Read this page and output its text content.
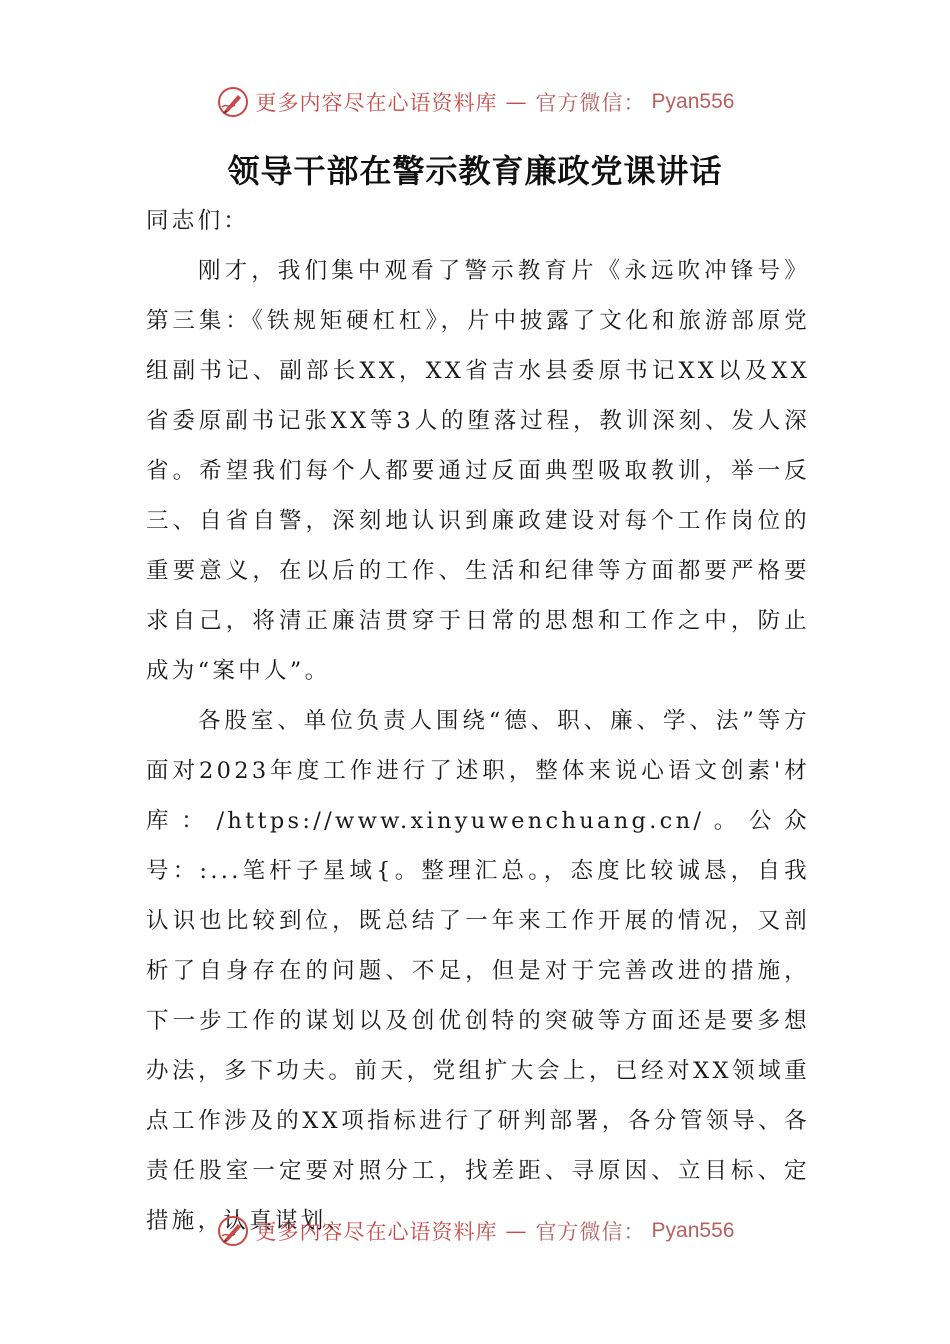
更多内容尽在心语资料库 — 官方微信： Pyan556
领导干部在警示教育廉政党课讲话

同志们：

刚才，我们集中观看了警示教育片《永远吹冲锋号》第三集：《铁规矩硬杠杠》，片中披露了文化和旅游部原党组副书记、副部长XX，XX省吉水县委原书记XX以及XX省委原副书记张XX等3人的堕落过程，教训深刻、发人深省。希望我们每个人都要通过反面典型吸取教训，举一反三、自省自警，深刻地认识到廉政建设对每个工作岗位的重要意义，在以后的工作、生活和纪律等方面都要严格要求自己，将清正廉洁贯穿于日常的思想和工作之中，防止成为“案中人”。

各股室、单位负责人围绕“德、职、廉、学、法”等方面对2023年度工作进行了述职，整体来说心语文创素'材库：/https://www.xinyuwenchuang.cn/。公众号：:...笔杆子星域{。整理汇总。，态度比较诚恳，自我认识也比较到位，既总结了一年来工作开展的情况，又剖析了自身存在的问题、不足，但是对于完善改进的措施，下一步工作的谋划以及创优创特的突破等方面还是要多想办法，多下功夫。前天，党组扩大会上，已经对XX领域重点工作涉及的XX项指标进行了研判部署，各分管领导、各责任股室一定要对照分工，找差距、寻原因、立目标、定措施，认真谋划、

更多内容尽在心语资料库 — 官方微信： Pyan556
